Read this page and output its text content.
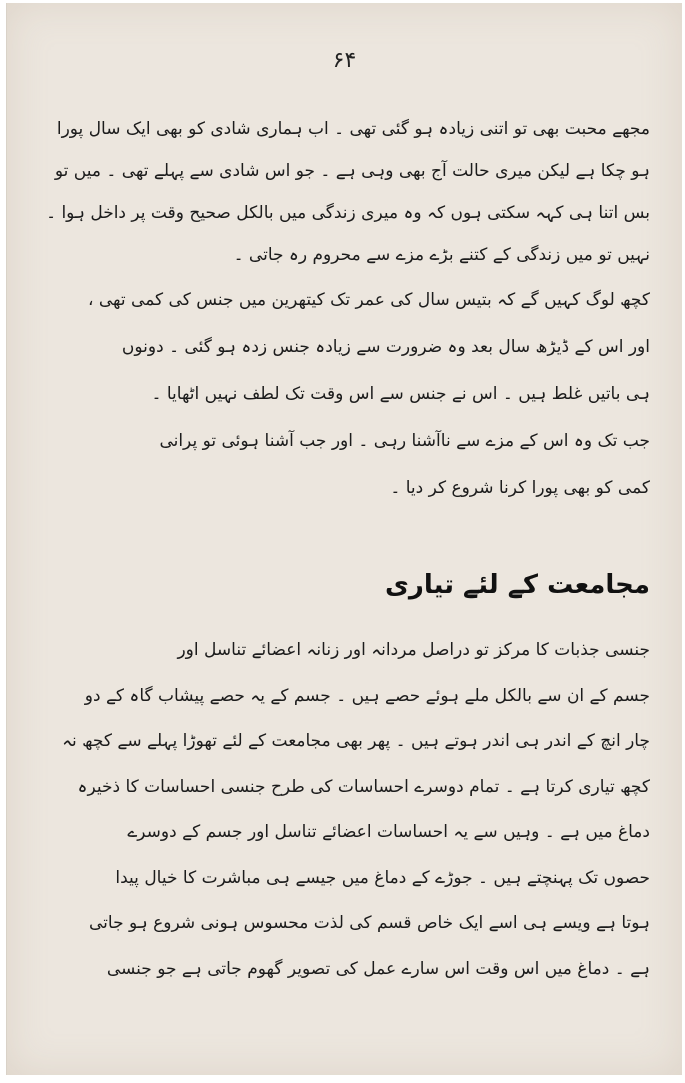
۶۴
مجھے محبت بھی تو اتنی زیادہ ہو گئی تھی ۔ اب ہماری شادی کو بھی ایک سال پورا
ہو چکا ہے لیکن میری حالت آج بھی وہی ہے ۔ جو اس شادی سے پہلے تھی ۔ میں تو
بس اتنا ہی کہہ سکتی ہوں کہ وہ میری زندگی میں بالکل صحیح وقت پر داخل ہوا ۔
نہیں تو میں زندگی کے کتنے بڑے مزے سے محروم رہ جاتی ۔
کچھ لوگ کہیں گے کہ بتیس سال کی عمر تک کیتھرین میں جنس کی کمی تھی ،
اور اس کے ڈیڑھ سال بعد وہ ضرورت سے زیادہ جنس زدہ ہو گئی ۔ دونوں
ہی باتیں غلط ہیں ۔ اس نے جنس سے اس وقت تک لطف نہیں اٹھایا ۔
جب تک وہ اس کے مزے سے ناآشنا رہی ۔ اور جب آشنا ہوئی تو پرانی
کمی کو بھی پورا کرنا شروع کر دیا ۔
مجامعت کے لئے تیاری
جنسی جذبات کا مرکز تو دراصل مردانہ اور زنانہ اعضائے تناسل اور
جسم کے ان سے بالکل ملے ہوئے حصے ہیں ۔ جسم کے یہ حصے پیشاب گاہ کے دو
چار انچ کے اندر ہی اندر ہوتے ہیں ۔ پھر بھی مجامعت کے لئے تھوڑا پہلے سے کچھ نہ
کچھ تیاری کرتا ہے ۔ تمام دوسرے احساسات کی طرح جنسی احساسات کا ذخیرہ
دماغ میں ہے ۔ وہیں سے یہ احساسات اعضائے تناسل اور جسم کے دوسرے
حصوں تک پہنچتے ہیں ۔ جوڑے کے دماغ میں جیسے ہی مباشرت کا خیال پیدا
ہوتا ہے ویسے ہی اسے ایک خاص قسم کی لذت محسوس ہونی شروع ہو جاتی
ہے ۔ دماغ میں اس وقت اس سارے عمل کی تصویر گھوم جاتی ہے جو جنسی
